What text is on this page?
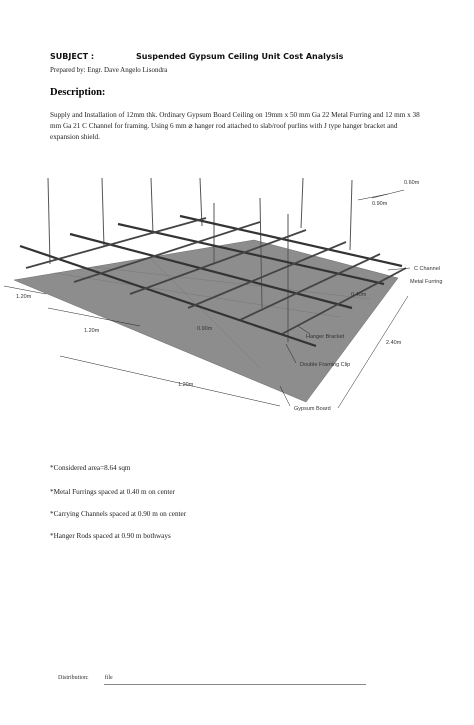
SUBJECT :	Suspended Gypsum Ceiling Unit Cost Analysis
Prepared by: Engr. Dave Angelo Lisondra
Description:

Supply and Installation of 12mm thk. Ordinary Gypsum Board Ceiling on 19mm x 50 mm Ga 22 Metal Furring and 12 mm x 38 mm Ga 21 C Channel for framing. Using 6 mm ⌀ hanger rod attached to slab/roof purlins with J type hanger bracket and expansion shield.

0.60m
0.90m
C Channel
Metal Furring
1.20m	0.40m
1.20m	0.90m
Hanger Bracket
2.40m
Double Framing Clip
1.20m
Gypsum Board
*Considered area=8.64 sqm
*Metal Furrings spaced at 0.40 m on center
*Carrying Channels spaced at 0.90 m on center
*Hanger Rods spaced at 0.90 m bothways
Distribution:	file
